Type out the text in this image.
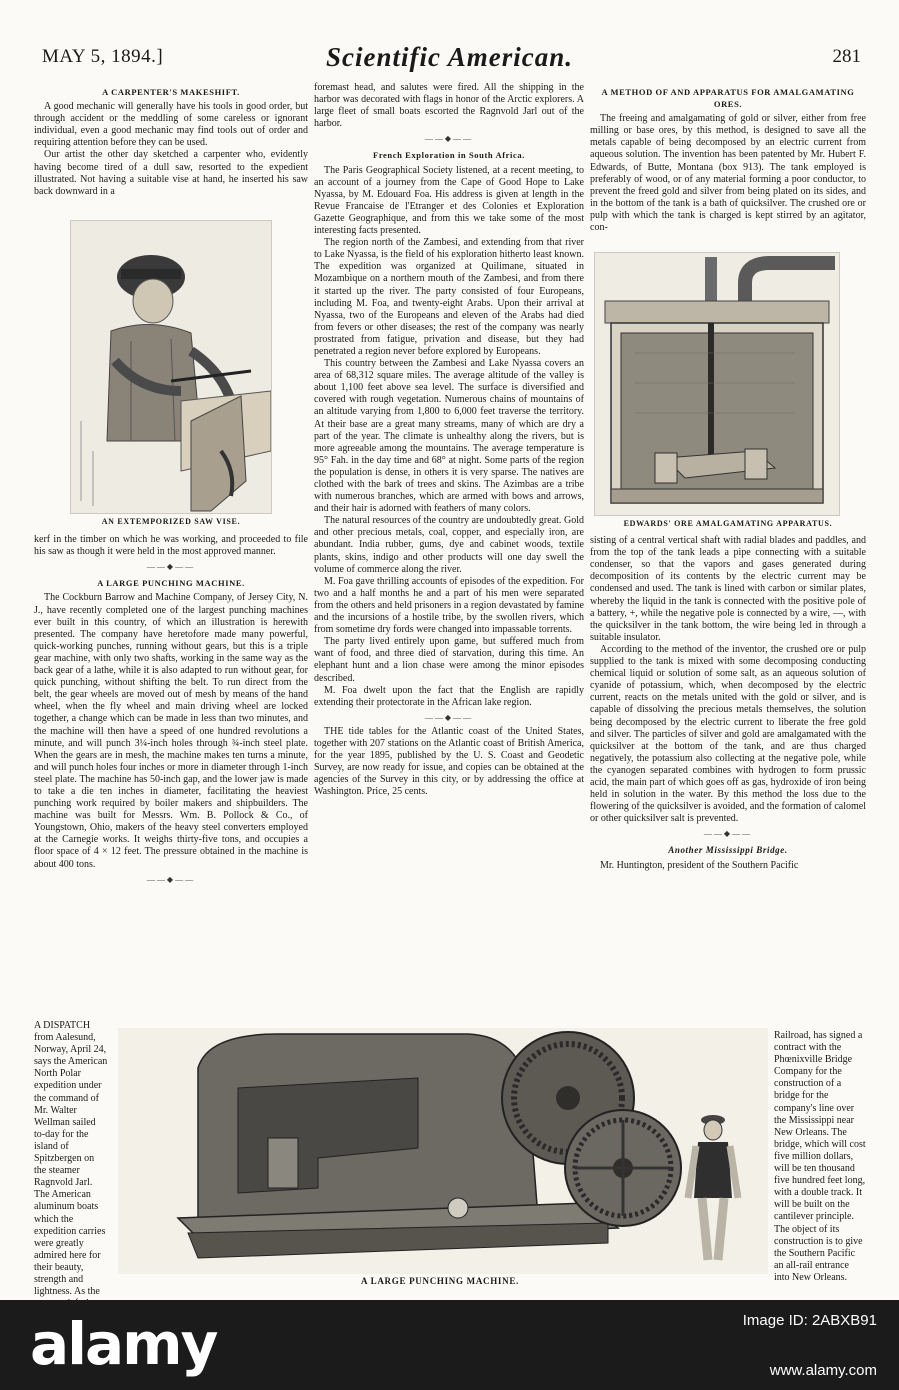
MAY 5, 1894.]	Scientific American.	281
A CARPENTER'S MAKESHIFT.

A good mechanic will generally have his tools in good order, but through accident or the meddling of some careless or ignorant individual, even a good mechanic may find tools out of order and requiring attention before they can be used.

Our artist the other day sketched a carpenter who, evidently having become tired of a dull saw, resorted to the expedient illustrated. Not having a suitable vise at hand, he inserted his saw back downward in a

AN EXTEMPORIZED SAW VISE.

kerf in the timber on which he was working, and proceeded to file his saw as though it were held in the most approved manner.

——◆——
A LARGE PUNCHING MACHINE.

The Cockburn Barrow and Machine Company, of Jersey City, N. J., have recently completed one of the largest punching machines ever built in this country, of which an illustration is herewith presented. The company have heretofore made many powerful, quick-working punches, running without gears, but this is a triple gear machine, with only two shafts, working in the same way as the back gear of a lathe, while it is also adapted to run without gear, for quick punching, without shifting the belt. To run direct from the belt, the gear wheels are moved out of mesh by means of the hand wheel, when the fly wheel and main driving wheel are locked together, a change which can be made in less than two minutes, and the machine will then have a speed of one hundred revolutions a minute, and will punch 3¼-inch holes through ¾-inch steel plate. When the gears are in mesh, the machine makes ten turns a minute, and will punch holes four inches or more in diameter through 1-inch steel plate. The machine has 50-inch gap, and the lower jaw is made to take a die ten inches in diameter, facilitating the heaviest punching work required by boiler makers and shipbuilders. The machine was built for Messrs. Wm. B. Pollock & Co., of Youngstown, Ohio, makers of the heavy steel converters employed at the Carnegie works. It weighs thirty-five tons, and occupies a floor space of 4 × 12 feet. The pressure obtained in the machine is about 400 tons.

——◆——
A DISPATCH from Aalesund, Norway, April 24, says the American North Polar expedition under the command of Mr. Walter Wellman sailed to-day for the island of Spitzbergen on the steamer Ragnvold Jarl. The American aluminum boats which the expedition carries were greatly admired here for their beauty, strength and lightness. As the

foremast head, and salutes were fired. All the shipping in the harbor was decorated with flags in honor of the Arctic explorers. A large fleet of small boats escorted the Ragnvold Jarl out of the harbor.

——◆——
French Exploration in South Africa.

The Paris Geographical Society listened, at a recent meeting, to an account of a journey from the Cape of Good Hope to Lake Nyassa, by M. Edouard Foa. His address is given at length in the Revue Francaise de l'Etranger et des Colonies et Exploration Gazette Geographique, and from this we take some of the most interesting facts presented.

The region north of the Zambesi, and extending from that river to Lake Nyassa, is the field of his exploration hitherto least known. The expedition was organized at Quilimane, situated in Mozambique on a northern mouth of the Zambesi, and from there it started up the river. The party consisted of four Europeans, including M. Foa, and twenty-eight Arabs. Upon their arrival at Nyassa, two of the Europeans and eleven of the Arabs had died from fevers or other diseases; the rest of the company was nearly prostrated from fatigue, privation and disease, but they had penetrated a region never before explored by Europeans.

This country between the Zambesi and Lake Nyassa covers an area of 68,312 square miles. The average altitude of the valley is about 1,100 feet above sea level. The surface is diversified and covered with rough vegetation. Numerous chains of mountains of an altitude varying from 1,800 to 6,000 feet traverse the territory. At their base are a great many streams, many of which are dry a part of the year. The climate is unhealthy along the rivers, but is more agreeable among the mountains. The average temperature is 95° Fah. in the day time and 68° at night. Some parts of the region the population is dense, in others it is very sparse. The natives are clothed with the bark of trees and skins. The Azimbas are a tribe with numerous branches, which are armed with bows and arrows, and their hair is adorned with feathers of many colors.

The natural resources of the country are undoubtedly great. Gold and other precious metals, coal, copper, and especially iron, are abundant. India rubber, gums, dye and cabinet woods, textile plants, skins, indigo and other products will one day swell the volume of commerce along the river.

M. Foa gave thrilling accounts of episodes of the expedition. For two and a half months he and a part of his men were separated from the others and held prisoners in a region devastated by famine and the incursions of a hostile tribe, by the swollen rivers, which from sometime dry fords were changed into impassable torrents.

The party lived entirely upon game, but suffered much from want of food, and three died of starvation, during this time. An elephant hunt and a lion chase were among the minor episodes described.

M. Foa dwelt upon the fact that the English are rapidly extending their protectorate in the African lake region.

——◆——

THE tide tables for the Atlantic coast of the United States, together with 207 stations on the Atlantic coast of British America, for the year 1895, published by the U. S. Coast and Geodetic Survey, are now ready for issue, and copies can be obtained at the agencies of the Survey in this city, or by addressing the office at Washington. Price, 25 cents.

A METHOD OF AND APPARATUS FOR AMALGAMATING ORES.

The freeing and amalgamating of gold or silver, either from free milling or base ores, by this method, is designed to save all the metals capable of being decomposed by an electric current from aqueous solution. The invention has been patented by Mr. Hubert F. Edwards, of Butte, Montana (box 913). The tank employed is preferably of wood, or of any material forming a poor conductor, to prevent the freed gold and silver from being plated on its sides, and in the bottom of the tank is a bath of quicksilver. The crushed ore or pulp with which the tank is charged is kept stirred by an agitator, con-

EDWARDS' ORE AMALGAMATING APPARATUS.

sisting of a central vertical shaft with radial blades and paddles, and from the top of the tank leads a pipe connecting with a suitable condenser, so that the vapors and gases generated during decomposition of its contents by the electric current may be condensed and used. The tank is lined with carbon or similar plates, whereby the liquid in the tank is connected with the positive pole of a battery, +, while the negative pole is connected by a wire, —, with the quicksilver in the tank bottom, the wire being led in through a suitable insulator.

According to the method of the inventor, the crushed ore or pulp supplied to the tank is mixed with some decomposing conducting chemical liquid or solution of some salt, as an aqueous solution of cyanide of potassium, which, when decomposed by the electric current, reacts on the metals united with the gold or silver, and is capable of dissolving the precious metals themselves, the solution being decomposed by the electric current to liberate the free gold and silver. The particles of silver and gold are amalgamated with the quicksilver at the bottom of the tank, and are thus charged negatively, the potassium also collecting at the negative pole, while the cyanogen separated combines with hydrogen to form prussic acid, the main part of which goes off as gas, hydroxide of iron being held in solution in the water. By this method the loss due to the flowering of the quicksilver is avoided, and the formation of calomel or other quicksilver salt is prevented.

——◆——
Another Mississippi Bridge.

Mr. Huntington, president of the Southern Pacific

Railroad, has signed a contract with the Phœnixville Bridge Company for the construction of a bridge for the company's line over the Mississippi near New Orleans. The bridge, which will cost five million dollars, will be ten thousand five hundred feet long, with a double track. It will be built on the cantilever principle. The object of its construction is to give the Southern Pacific an all-rail entrance into New Orleans.
A LARGE PUNCHING MACHINE.
alamy	Image ID: 2ABXB91
www.alamy.com
